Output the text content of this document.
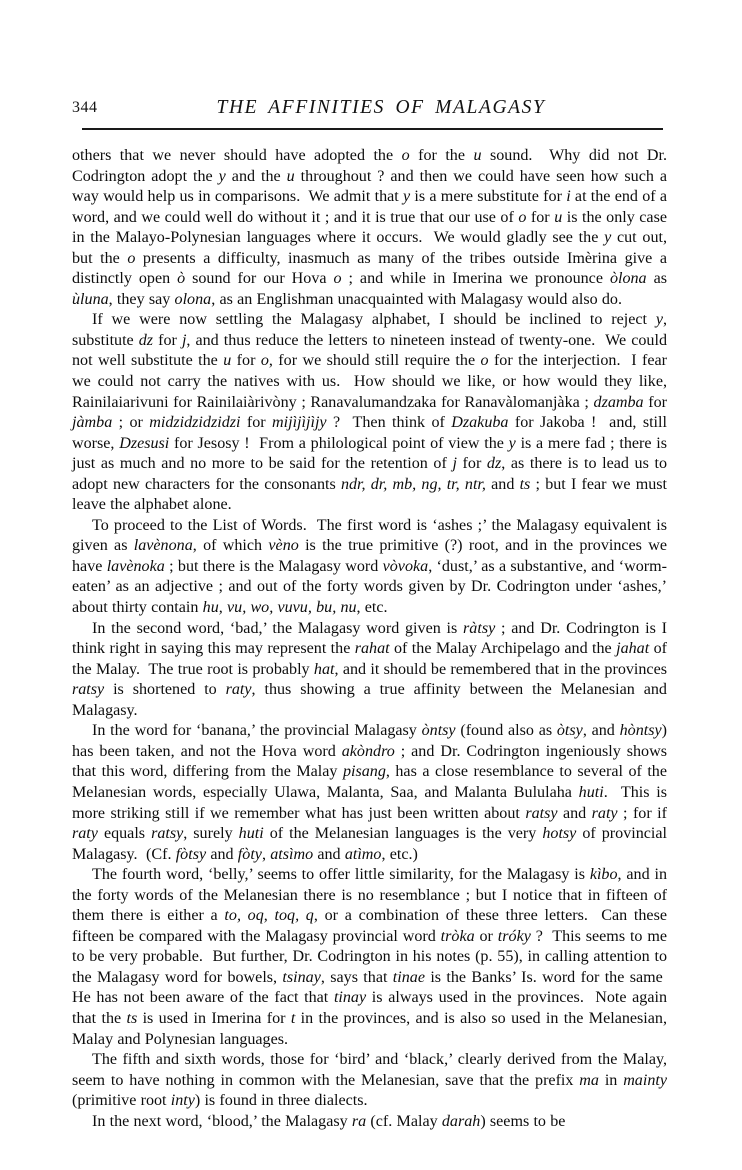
344	THE AFFINITIES OF MALAGASY

others that we never should have adopted the o for the u sound.  Why did not Dr. Codrington adopt the y and the u throughout ? and then we could have seen how such a way would help us in comparisons.  We admit that y is a mere substitute for i at the end of a word, and we could well do without it ; and it is true that our use of o for u is the only case in the Malayo-Polynesian languages where it occurs.  We would gladly see the y cut out, but the o presents a difficulty, inasmuch as many of the tribes outside Imèrina give a distinctly open ò sound for our Hova o ; and while in Imerina we pronounce òlona as ùluna, they say olona, as an Englishman unacquainted with Malagasy would also do.

If we were now settling the Malagasy alphabet, I should be inclined to reject y, substitute dz for j, and thus reduce the letters to nineteen instead of twenty-one.  We could not well substitute the u for o, for we should still require the o for the interjection.  I fear we could not carry the natives with us.  How should we like, or how would they like, Rainilaiarivuni for Rainilaiàrivòny ; Ranavalumandzaka for Ranavàlomanjàka ; dzamba for jàmba ; or midzidzidzidzi for mijìjìjìjy ?  Then think of Dzakuba for Jakoba !  and, still worse, Dzesusi for Jesosy !  From a philological point of view the y is a mere fad ; there is just as much and no more to be said for the retention of j for dz, as there is to lead us to adopt new characters for the consonants ndr, dr, mb, ng, tr, ntr, and ts ; but I fear we must leave the alphabet alone.

To proceed to the List of Words.  The first word is ‘ashes ;’ the Malagasy equivalent is given as lavènona, of which vèno is the true primitive (?) root, and in the provinces we have lavènoka ; but there is the Malagasy word vòvoka, ‘dust,’ as a substantive, and ‘worm-eaten’ as an adjective ; and out of the forty words given by Dr. Codrington under ‘ashes,’ about thirty contain hu, vu, wo, vuvu, bu, nu, etc.

In the second word, ‘bad,’ the Malagasy word given is ràtsy ; and Dr. Codrington is I think right in saying this may represent the rahat of the Malay Archipelago and the jahat of the Malay.  The true root is probably hat, and it should be remembered that in the provinces ratsy is shortened to raty, thus showing a true affinity between the Melanesian and Malagasy.

In the word for ‘banana,’ the provincial Malagasy òntsy (found also as òtsy, and hòntsy) has been taken, and not the Hova word akòndro ; and Dr. Codrington ingeniously shows that this word, differing from the Malay pisang, has a close resemblance to several of the Melanesian words, especially Ulawa, Malanta, Saa, and Malanta Bululaha huti.  This is more striking still if we remember what has just been written about ratsy and raty ; for if raty equals ratsy, surely huti of the Melanesian languages is the very hotsy of provincial Malagasy.  (Cf. fòtsy and fòty, atsìmo and atìmo, etc.)

The fourth word, ‘belly,’ seems to offer little similarity, for the Malagasy is kìbo, and in the forty words of the Melanesian there is no resemblance ; but I notice that in fifteen of them there is either a to, oq, toq, q, or a combination of these three letters.  Can these fifteen be compared with the Malagasy provincial word tròka or tróky ?  This seems to me to be very probable.  But further, Dr. Codrington in his notes (p. 55), in calling attention to the Malagasy word for bowels, tsinay, says that tinae is the Banks’ Is. word for the same  He has not been aware of the fact that tinay is always used in the provinces.  Note again that the ts is used in Imerina for t in the provinces, and is also so used in the Melanesian, Malay and Polynesian languages.

The fifth and sixth words, those for ‘bird’ and ‘black,’ clearly derived from the Malay, seem to have nothing in common with the Melanesian, save that the prefix ma in mainty (primitive root inty) is found in three dialects.

In the next word, ‘blood,’ the Malagasy ra (cf. Malay darah) seems to be
